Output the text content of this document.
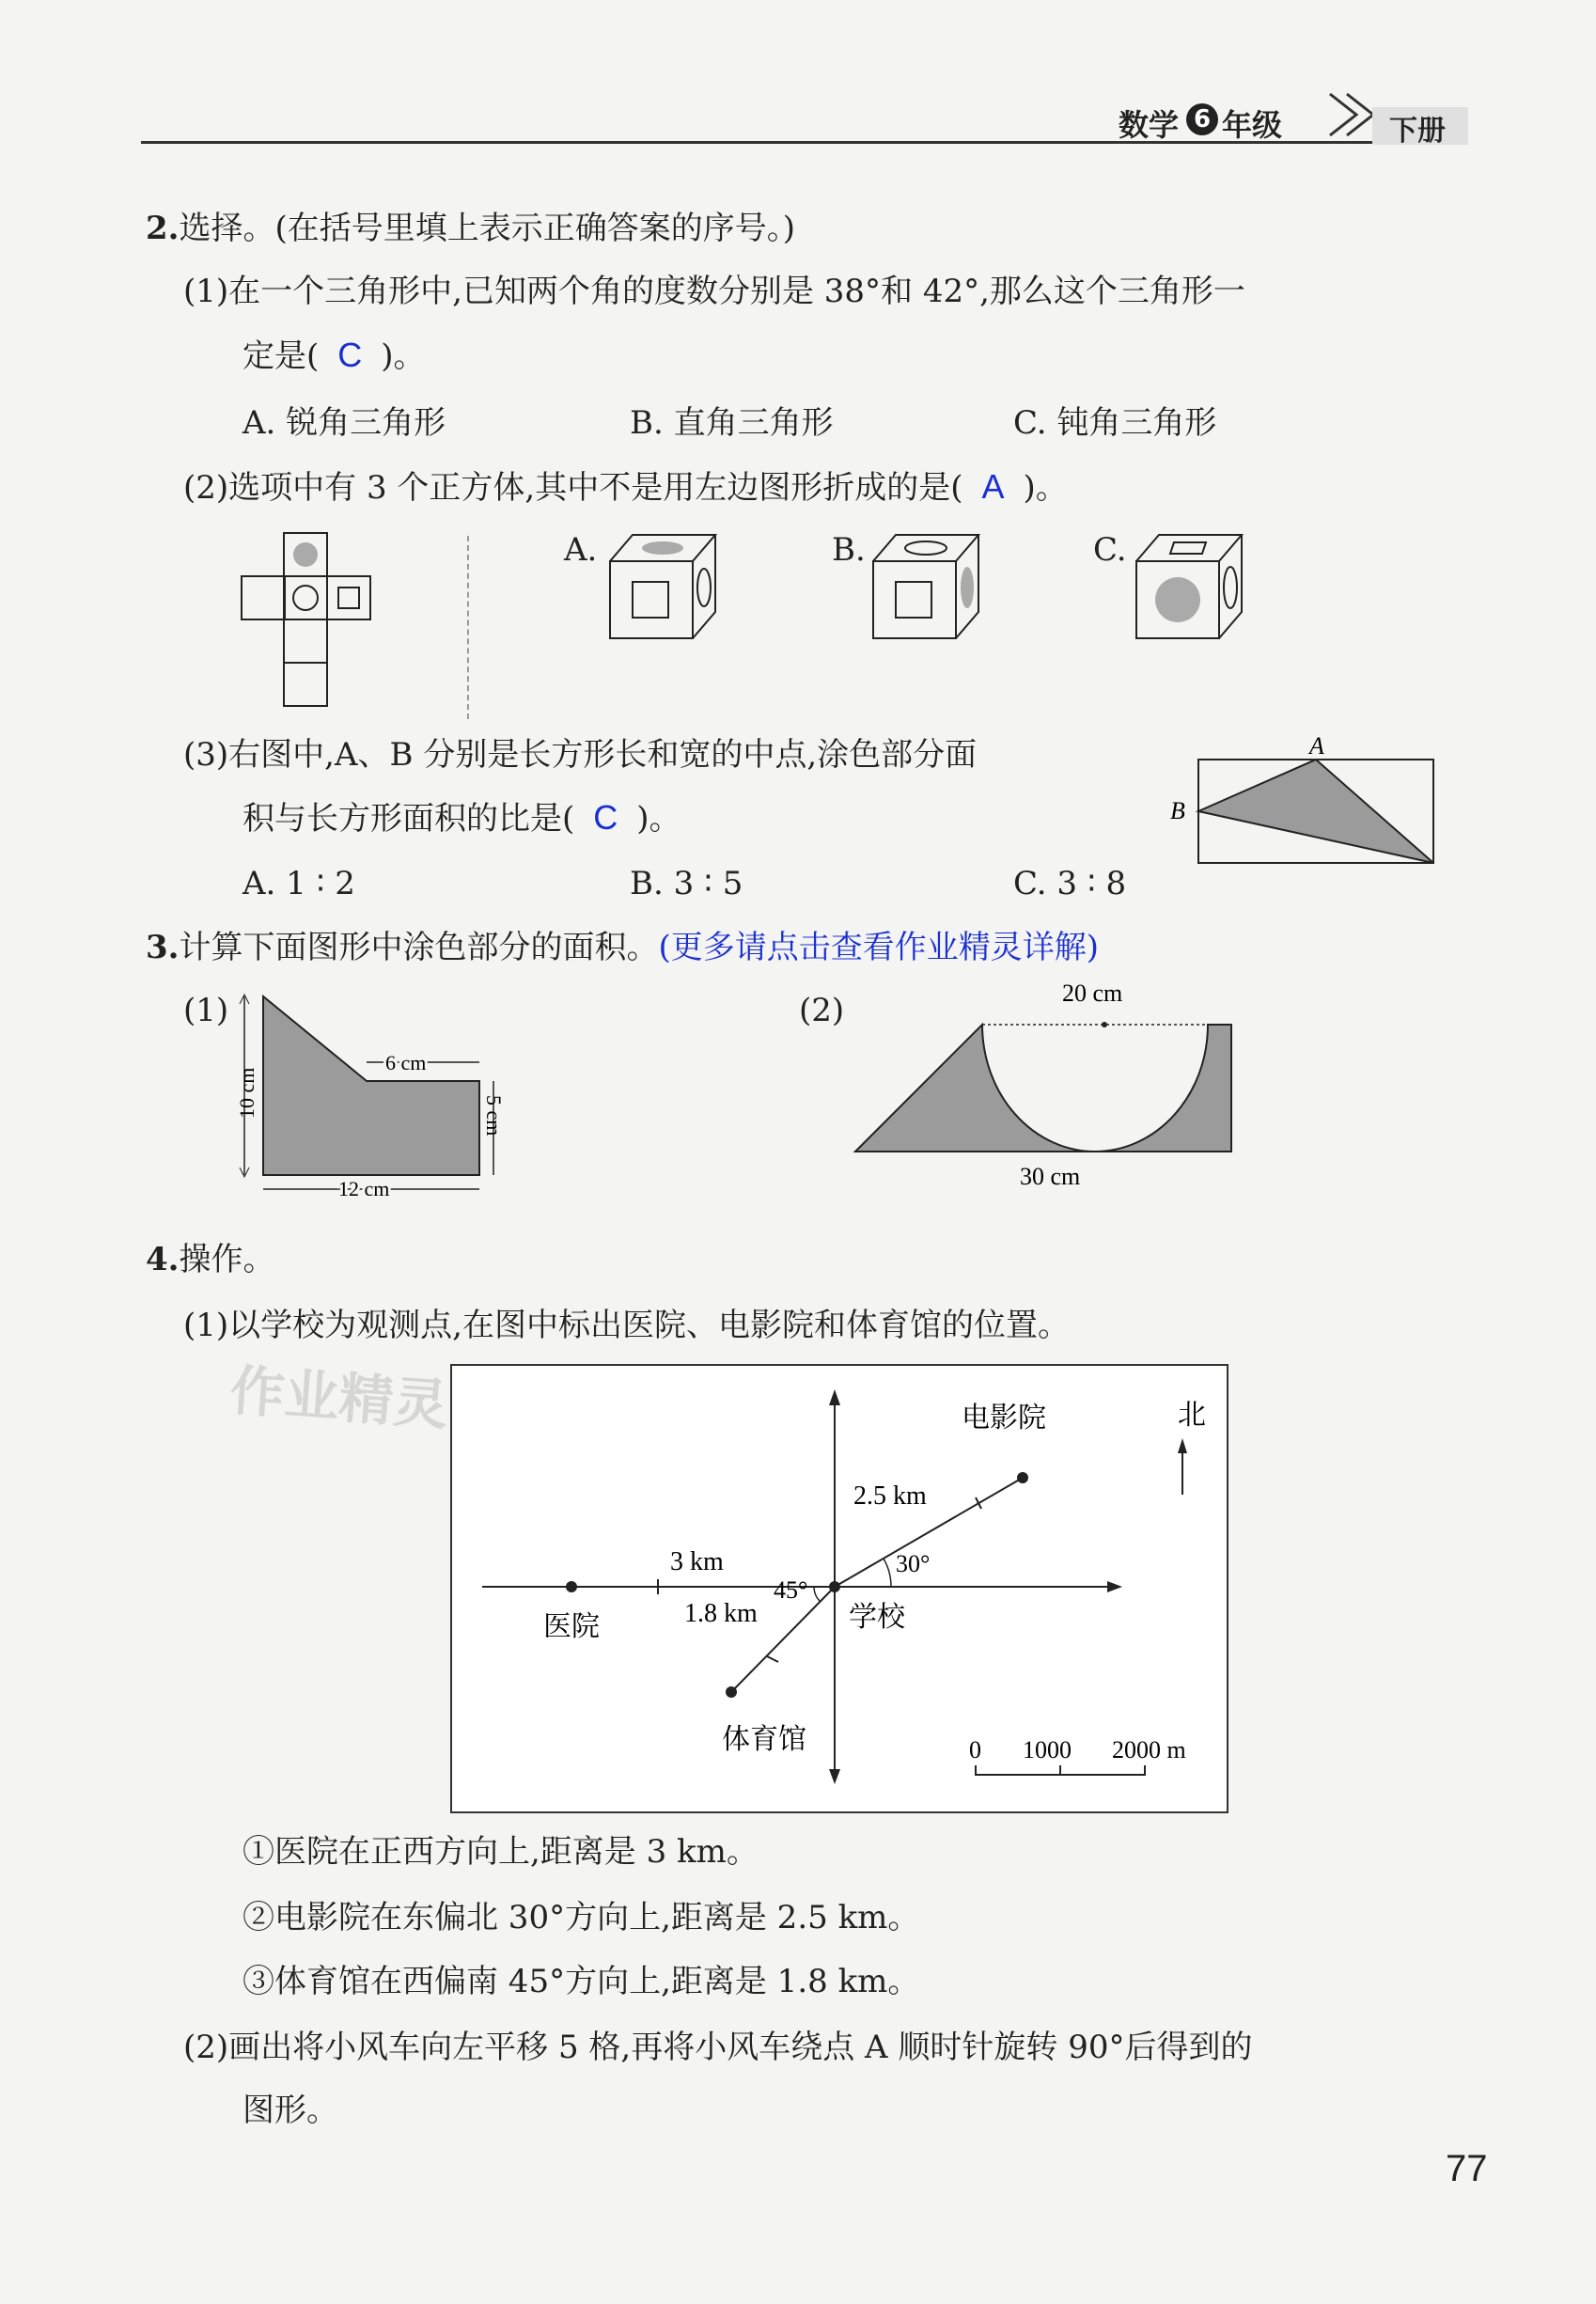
数学 6 年级	下册
2.选择。(在括号里填上表示正确答案的序号。)
(1)在一个三角形中,已知两个角的度数分别是 38°和 42°,那么这个三角形一
定是( C )。
A. 锐角三角形	B. 直角三角形	C. 钝角三角形
(2)选项中有 3 个正方体,其中不是用左边图形折成的是( A )。
A.	B.	C.
(3)右图中,A、B 分别是长方形长和宽的中点,涂色部分面
积与长方形面积的比是( C )。
A. 1 ∶ 2	B. 3 ∶ 5	C. 3 ∶ 8
A
B
3.计算下面图形中涂色部分的面积。(更多请点击查看作业精灵详解)
(1)
10 cm
6 cm
5 cm
12 cm
(2)	20 cm
30 cm
4.操作。
(1)以学校为观测点,在图中标出医院、电影院和体育馆的位置。
作业精灵	北
医院
3 km
电影院
2.5 km
30°
体育馆
1.8 km
45°
学校
0 1000 2000 m
①医院在正西方向上,距离是 3 km。
②电影院在东偏北 30°方向上,距离是 2.5 km。
③体育馆在西偏南 45°方向上,距离是 1.8 km。
(2)画出将小风车向左平移 5 格,再将小风车绕点 A 顺时针旋转 90°后得到的
图形。
77
